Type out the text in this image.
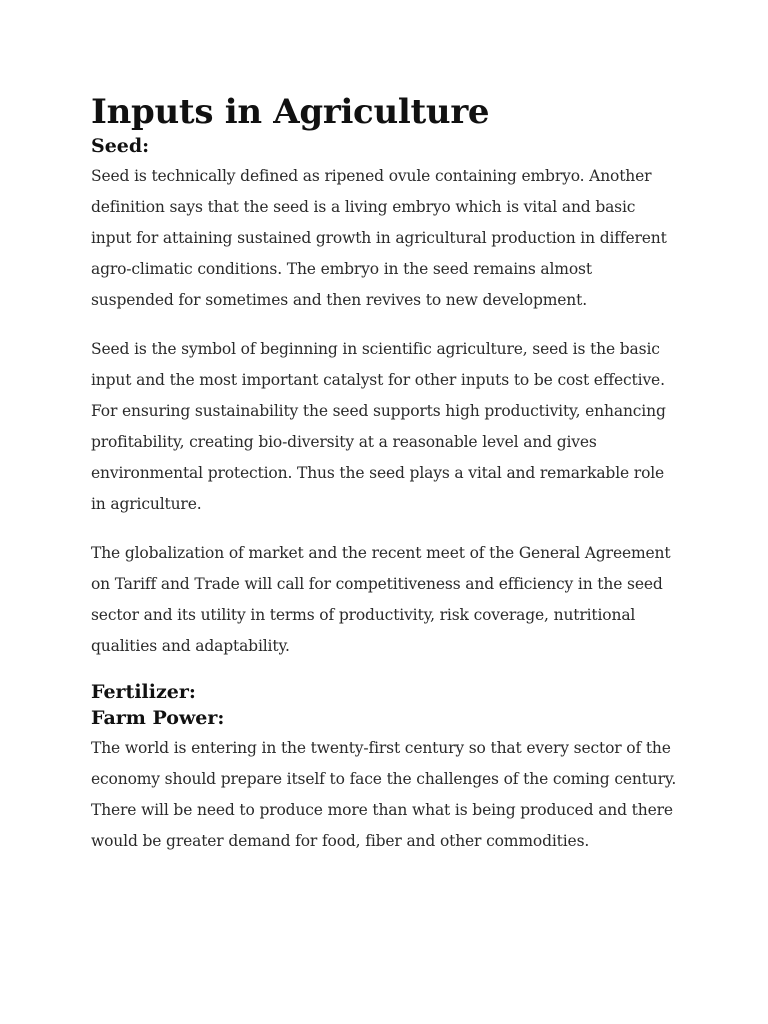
Inputs in Agriculture
Seed:

Seed is technically defined as ripened ovule containing embryo. Another definition says that the seed is a living embryo which is vital and basic input for attaining sustained growth in agricultural production in different agro-climatic conditions. The embryo in the seed remains almost suspended for sometimes and then revives to new development.

Seed is the symbol of beginning in scientific agriculture, seed is the basic input and the most important catalyst for other inputs to be cost effective. For ensuring sustainability the seed supports high productivity, enhancing profitability, creating bio-diversity at a reasonable level and gives environmental protection. Thus the seed plays a vital and remarkable role in agriculture.

The globalization of market and the recent meet of the General Agreement on Tariff and Trade will call for competitiveness and efficiency in the seed sector and its utility in terms of productivity, risk coverage, nutritional qualities and adaptability.

Fertilizer:
Farm Power:

The world is entering in the twenty-first century so that every sector of the economy should prepare itself to face the challenges of the coming century. There will be need to produce more than what is being produced and there would be greater demand for food, fiber and other commodities.
